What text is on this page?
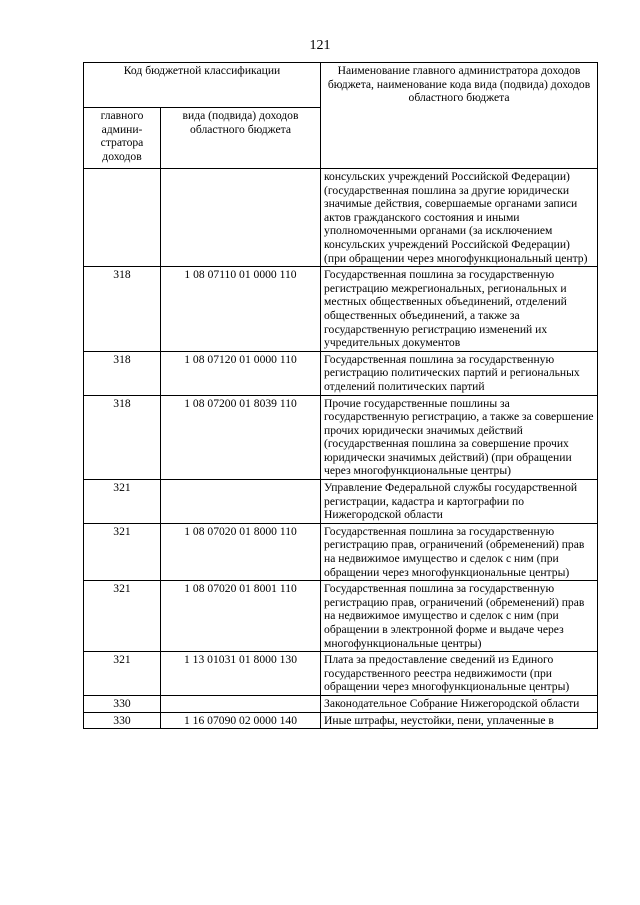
121
Код бюджетной классификации		Наименование главного администратора доходов бюджета, наименование кода вида (подвида) доходов областного бюджета
главного админи-стратора доходов	вида (подвида) доходов областного бюджета	
		консульских учреждений Российской Федерации) (государственная пошлина за другие юридически значимые действия, совершаемые органами записи актов гражданского состояния и иными уполномоченными органами (за исключением консульских учреждений Российской Федерации) (при обращении через многофункциональный центр)
318	1 08 07110 01 0000 110	Государственная пошлина за государственную регистрацию межрегиональных, региональных и местных общественных объединений, отделений общественных объединений, а также за государственную регистрацию изменений их учредительных документов
318	1 08 07120 01 0000 110	Государственная пошлина за государственную регистрацию политических партий и региональных отделений политических партий
318	1 08 07200 01 8039 110	Прочие государственные пошлины за государственную регистрацию, а также за совершение прочих юридически значимых действий (государственная пошлина за совершение прочих юридически значимых действий) (при обращении через многофункциональные центры)
321		Управление Федеральной службы государственной регистрации, кадастра и картографии по Нижегородской области
321	1 08 07020 01 8000 110	Государственная пошлина за государственную регистрацию прав, ограничений (обременений) прав на недвижимое имущество и сделок с ним (при обращении через многофункциональные центры)
321	1 08 07020 01 8001 110	Государственная пошлина за государственную регистрацию прав, ограничений (обременений) прав на недвижимое имущество и сделок с ним (при обращении в электронной форме и выдаче через многофункциональные центры)
321	1 13 01031 01 8000 130	Плата за предоставление сведений из Единого государственного реестра недвижимости (при обращении через многофункциональные центры)
330		Законодательное Собрание Нижегородской области
330	1 16 07090 02 0000 140	Иные штрафы, неустойки, пени, уплаченные в
